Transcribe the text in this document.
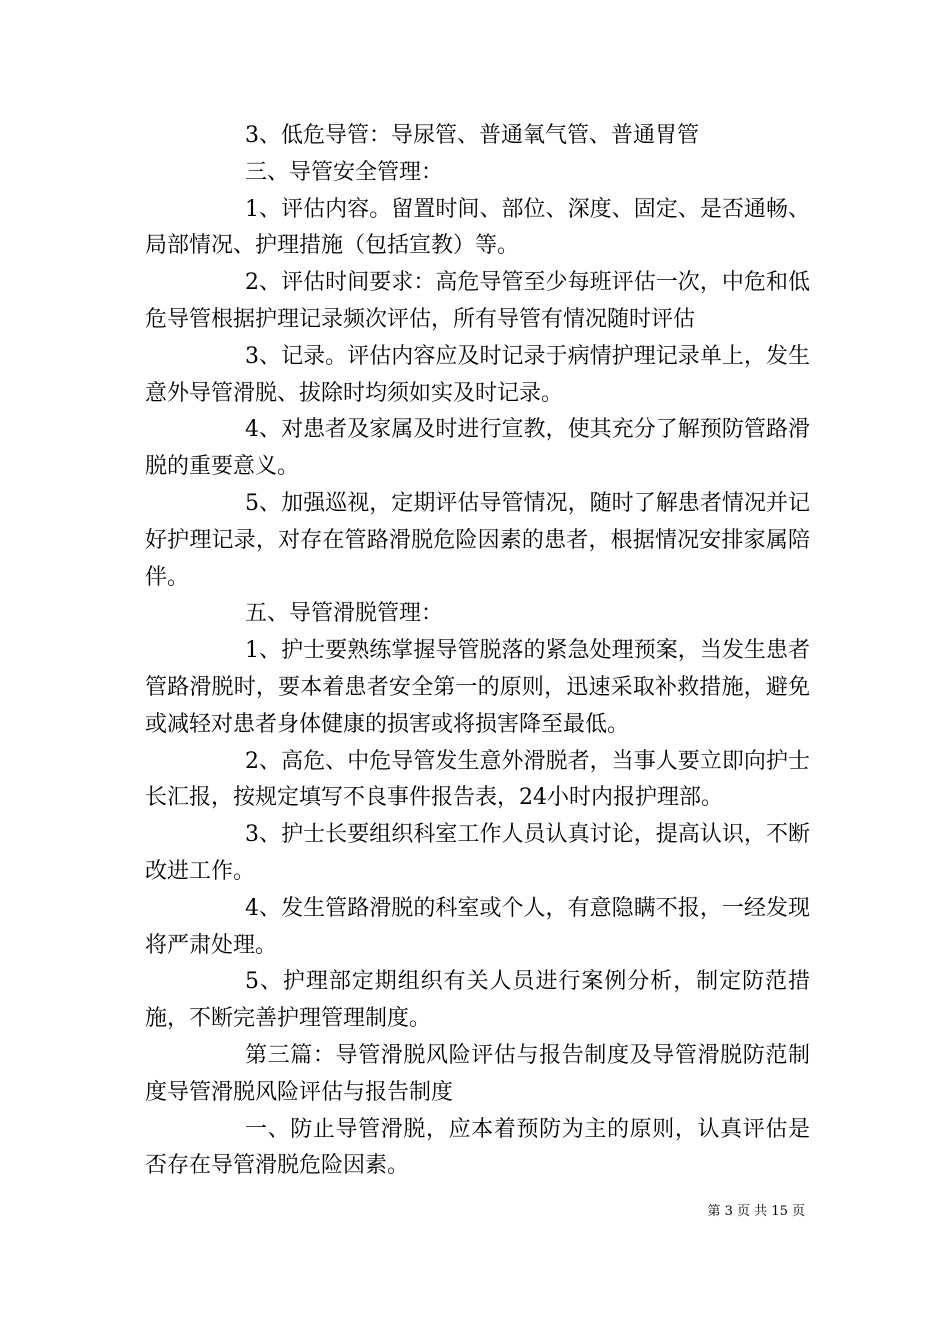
3、低危导管：导尿管、普通氧气管、普通胃管

三、导管安全管理：

1、评估内容。留置时间、部位、深度、固定、是否通畅、局部情况、护理措施（包括宣教）等。

2、评估时间要求：高危导管至少每班评估一次，中危和低危导管根据护理记录频次评估，所有导管有情况随时评估

3、记录。评估内容应及时记录于病情护理记录单上，发生意外导管滑脱、拔除时均须如实及时记录。

4、对患者及家属及时进行宣教，使其充分了解预防管路滑脱的重要意义。

5、加强巡视，定期评估导管情况，随时了解患者情况并记好护理记录，对存在管路滑脱危险因素的患者，根据情况安排家属陪伴。

五、导管滑脱管理：

1、护士要熟练掌握导管脱落的紧急处理预案，当发生患者管路滑脱时，要本着患者安全第一的原则，迅速采取补救措施，避免或减轻对患者身体健康的损害或将损害降至最低。

2、高危、中危导管发生意外滑脱者，当事人要立即向护士长汇报，按规定填写不良事件报告表，24小时内报护理部。

3、护士长要组织科室工作人员认真讨论，提高认识，不断改进工作。

4、发生管路滑脱的科室或个人，有意隐瞒不报，一经发现将严肃处理。

5、护理部定期组织有关人员进行案例分析，制定防范措施，不断完善护理管理制度。

第三篇：导管滑脱风险评估与报告制度及导管滑脱防范制度导管滑脱风险评估与报告制度

一、防止导管滑脱，应本着预防为主的原则，认真评估是否存在导管滑脱危险因素。

第 3 页 共 15 页
